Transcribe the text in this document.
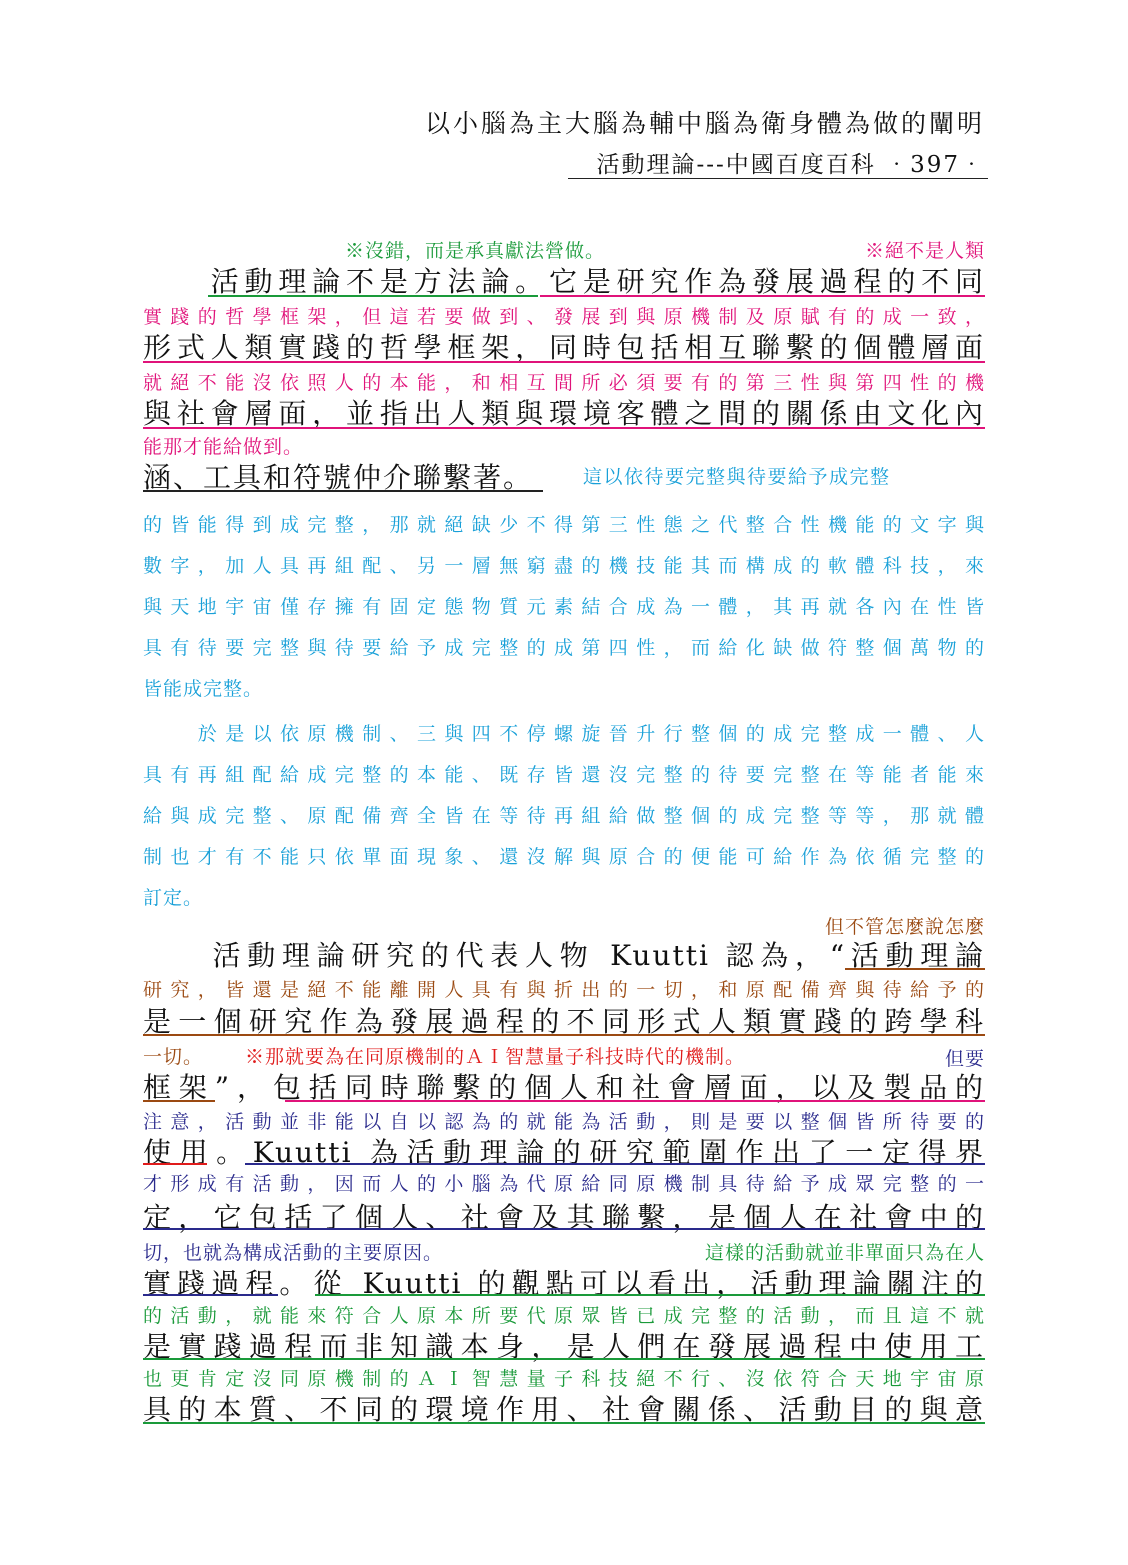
以小腦為主大腦為輔中腦為衛身體為做的闡明
活動理論---中國百度百科 ‧397‧
※沒錯，而是承真獻法營做。	※絕不是人類
　　活動理論不是方法論。它是研究作為發展過程的不同
實踐的哲學框架，但這若要做到、發展到與原機制及原賦有的成一致，
形式人類實踐的哲學框架，同時包括相互聯繫的個體層面
就絕不能沒依照人的本能，和相互間所必須要有的第三性與第四性的機
與社會層面，並指出人類與環境客體之間的關係由文化內
能那才能給做到。
涵、工具和符號仲介聯繫著。	這以依待要完整與待要給予成完整
的皆能得到成完整，那就絕缺少不得第三性態之代整合性機能的文字與
數字，加人具再組配、另一層無窮盡的機技能其而構成的軟體科技，來
與天地宇宙僅存擁有固定態物質元素結合成為一體，其再就各內在性皆
具有待要完整與待要給予成完整的成第四性，而給化缺做符整個萬物的
皆能成完整。
　　於是以依原機制、三與四不停螺旋晉升行整個的成完整成一體、人
具有再組配給成完整的本能、既存皆還沒完整的待要完整在等能者能來
給與成完整、原配備齊全皆在等待再組給做整個的成完整等等，那就體
制也才有不能只依單面現象、還沒解與原合的便能可給作為依循完整的
訂定。
但不管怎麼說怎麼
　　活動理論研究的代表人物 Kuutti 認為，“活動理論
研究，皆還是絕不能離開人具有與折出的一切，和原配備齊與待給予的
是一個研究作為發展過程的不同形式人類實踐的跨學科
一切。 ※那就要為在同原機制的ＡＩ智慧量子科技時代的機制。	但要
框架”，包括同時聯繫的個人和社會層面，以及製品的
注意，活動並非能以自以認為的就能為活動，則是要以整個皆所待要的
使用。Kuutti 為活動理論的研究範圍作出了一定得界
才形成有活動，因而人的小腦為代原給同原機制具待給予成眾完整的一
定，它包括了個人、社會及其聯繫，是個人在社會中的
切，也就為構成活動的主要原因。	這樣的活動就並非單面只為在人
實踐過程。從 Kuutti 的觀點可以看出，活動理論關注的
的活動，就能來符合人原本所要代原眾皆已成完整的活動，而且這不就
是實踐過程而非知識本身，是人們在發展過程中使用工
也更肯定沒同原機制的ＡＩ智慧量子科技絕不行、沒依符合天地宇宙原
具的本質、不同的環境作用、社會關係、活動目的與意
